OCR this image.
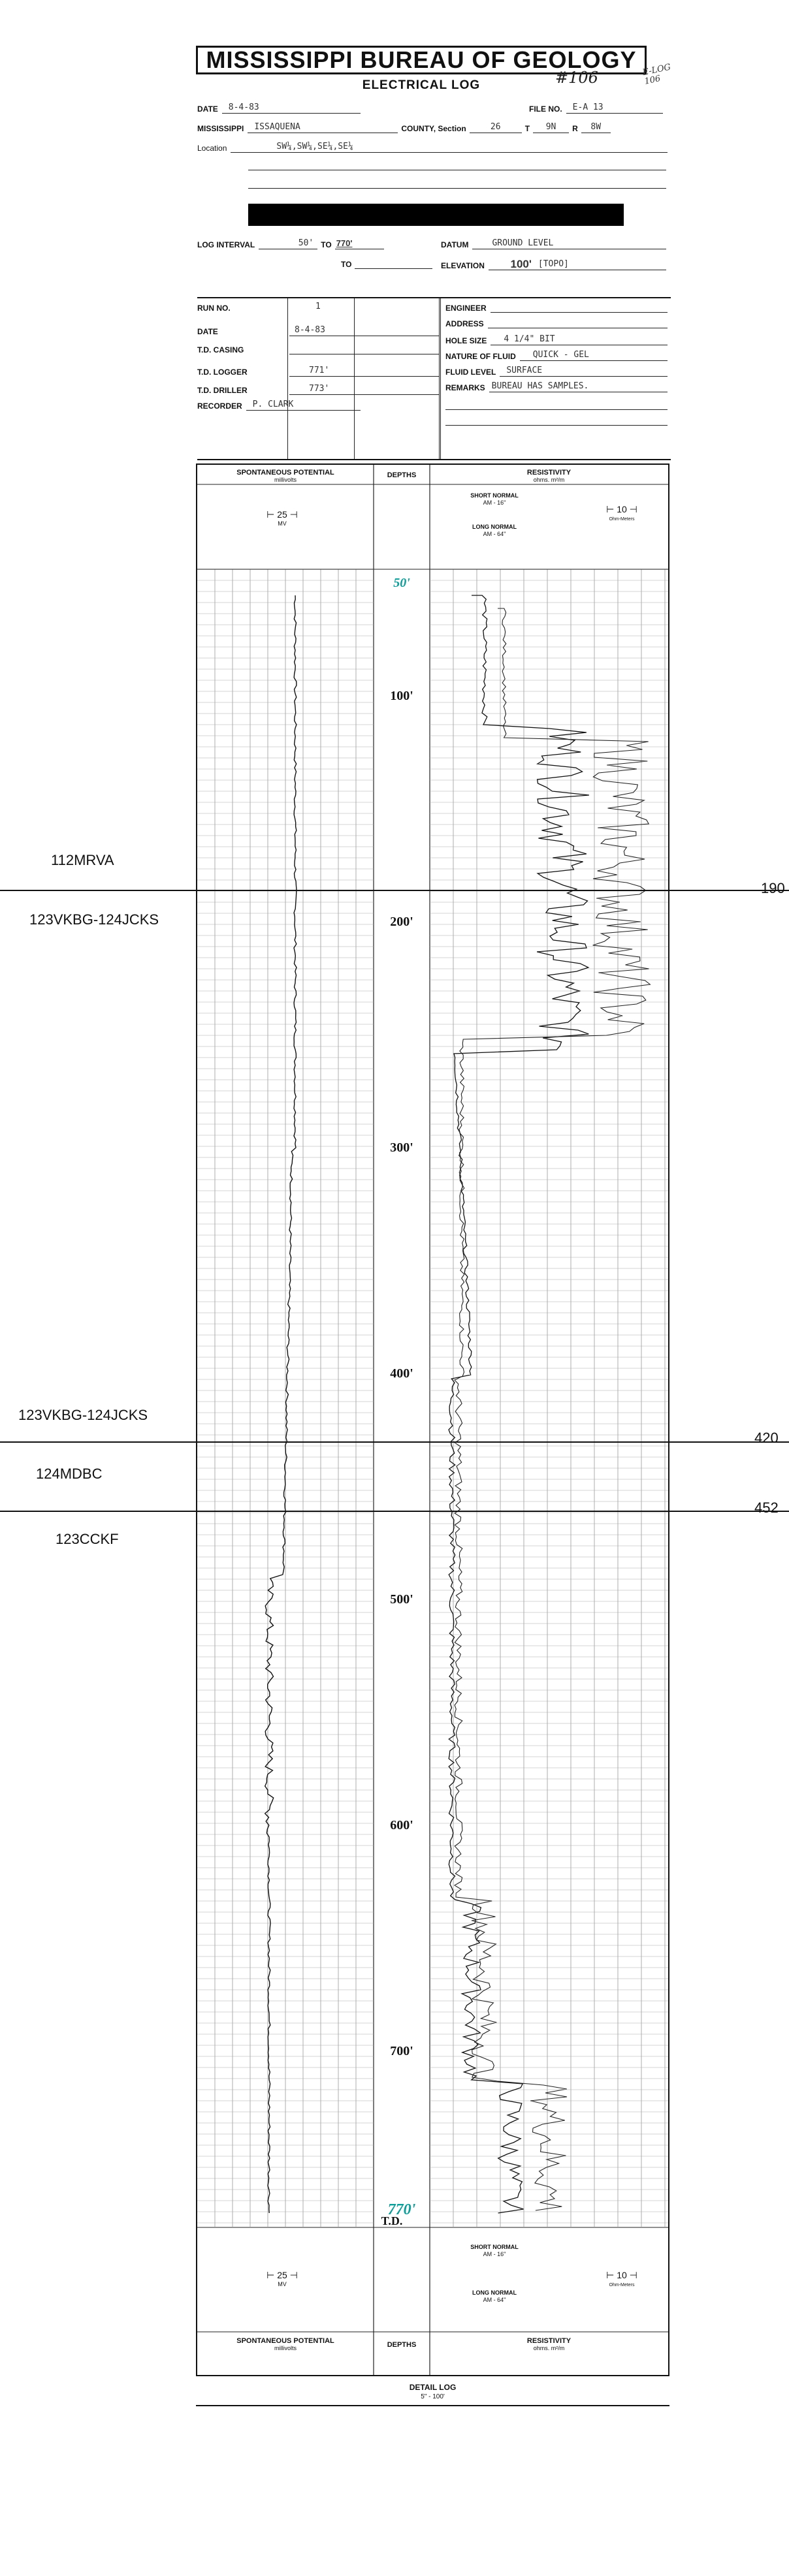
MISSISSIPPI BUREAU OF GEOLOGY
ELECTRICAL LOG	#106	E-LOG 106
DATE	8-4-83	FILE NO.	E-A 13
MISSISSIPPI	ISSAQUENA	COUNTY, Section	26	T	9N	R	8W
Location	SW¼,SW¼,SE¼,SE¼
LOG INTERVAL	50' TO 770'	DATUM	GROUND LEVEL
TO	ELEVATION	100' [TOPO]
RUN NO.	1
DATE	8-4-83
T.D. CASING
T.D. LOGGER	771'
T.D. DRILLER	773'
RECORDER	P. CLARK
ENGINEER
ADDRESS
HOLE SIZE	4 1/4" BIT
NATURE OF FLUID	QUICK - GEL
FLUID LEVEL	SURFACE
REMARKS BUREAU HAS SAMPLES.
SPONTANEOUS POTENTIAL
millivolts
DEPTHS	RESISTIVITY
ohms. m²/m
⊢ 25 ⊣
MV
SHORT NORMAL
AM - 16"
LONG NORMAL
AM - 64"
⊢ 10 ⊣
Ohm-Meters
50'
100'
200'
300'
400'
500'
600'
700'
770'
T.D.
⊢ 25 ⊣
MV
SHORT NORMAL
AM - 16"
LONG NORMAL
AM - 64"
⊢ 10 ⊣
Ohm-Meters
SPONTANEOUS POTENTIAL
millivolts	DEPTHS	RESISTIVITY
ohms. m²/m
DETAIL LOG
5" - 100'
112MRVA
190
123VKBG-124JCKS
123VKBG-124JCKS
420
124MDBC
452
123CCKF
